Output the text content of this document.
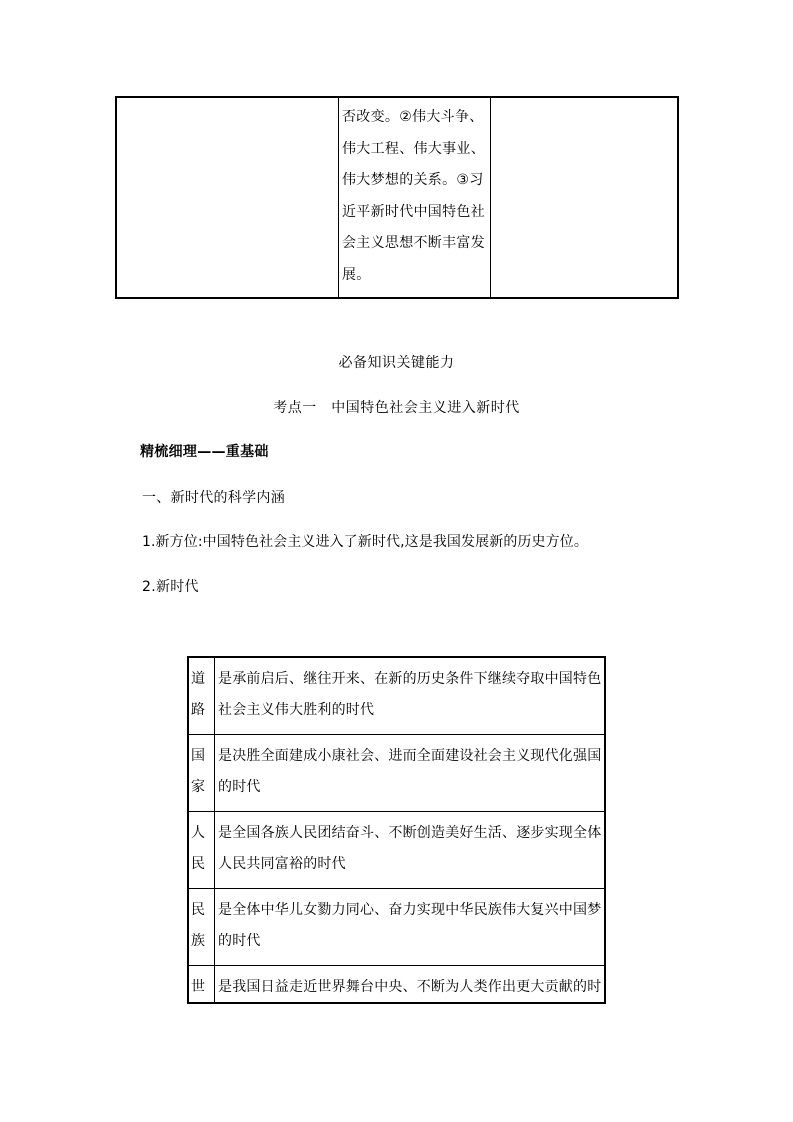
否改变。②伟大斗争、
伟大工程、伟大事业、
伟大梦想的关系。③习
近平新时代中国特色社
会主义思想不断丰富发
展。
必备知识关键能力
考点一　中国特色社会主义进入新时代
精梳细理——重基础
一、新时代的科学内涵
1.新方位:中国特色社会主义进入了新时代,这是我国发展新的历史方位。
2.新时代
道
路
是承前启后、继往开来、在新的历史条件下继续夺取中国特色
社会主义伟大胜利的时代
国
家
是决胜全面建成小康社会、进而全面建设社会主义现代化强国
的时代
人
民
是全国各族人民团结奋斗、不断创造美好生活、逐步实现全体
人民共同富裕的时代
民
族
是全体中华儿女勠力同心、奋力实现中华民族伟大复兴中国梦
的时代
世 是我国日益走近世界舞台中央、不断为人类作出更大贡献的时
